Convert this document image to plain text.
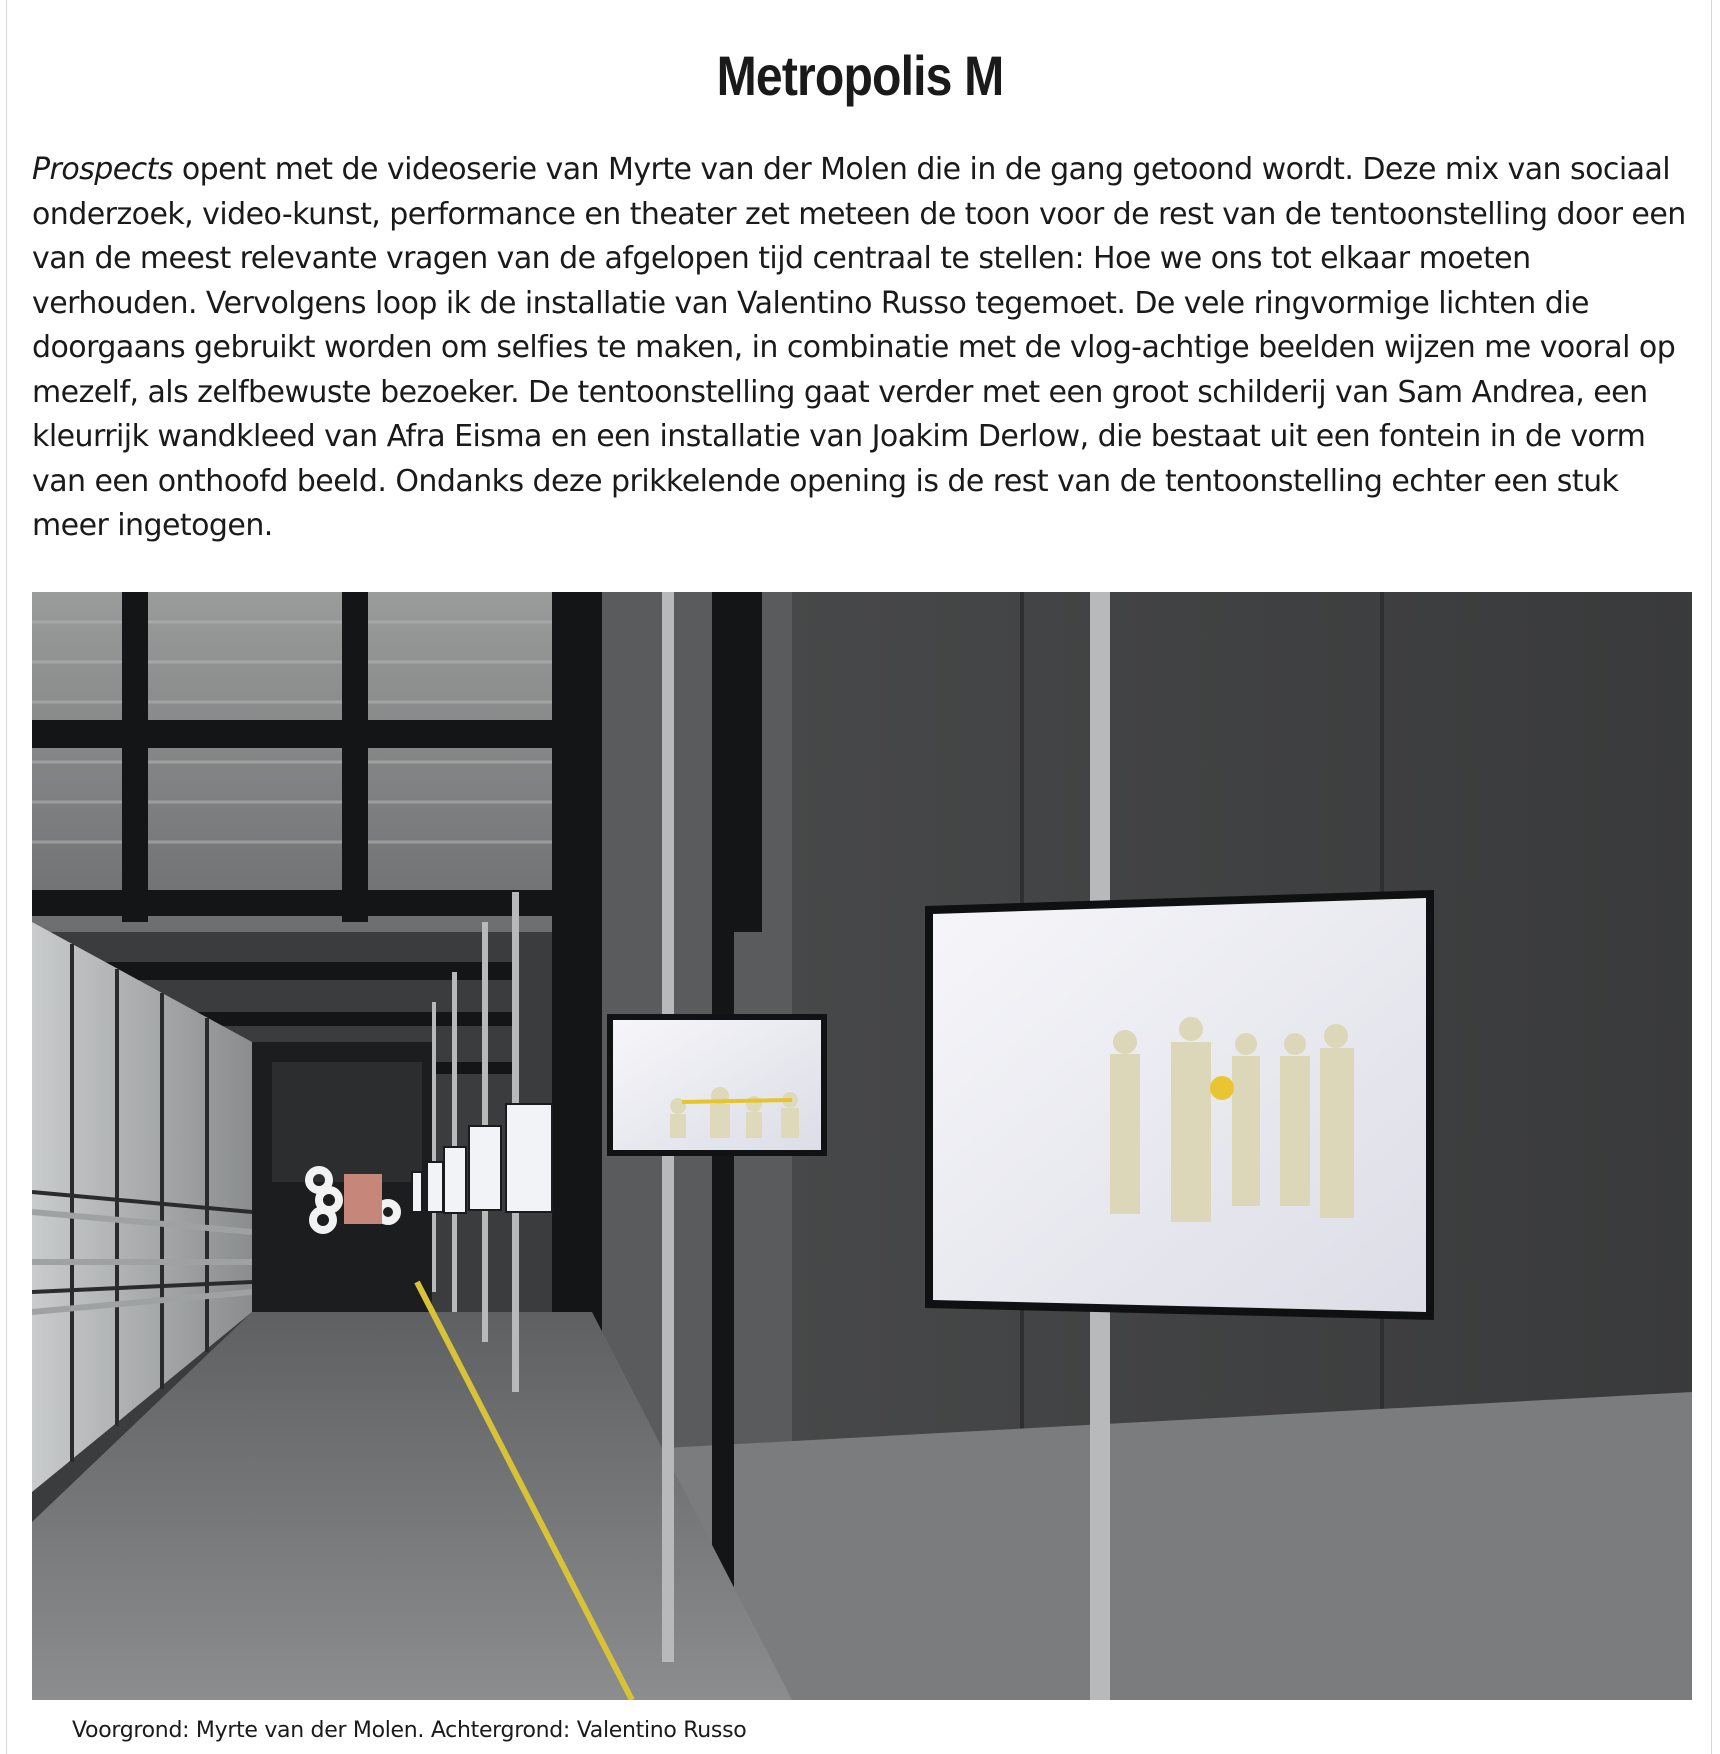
Metropolis M
Prospects opent met de videoserie van Myrte van der Molen die in de gang getoond wordt. Deze mix van sociaal onderzoek, video-kunst, performance en theater zet meteen de toon voor de rest van de tentoonstelling door een van de meest relevante vragen van de afgelopen tijd centraal te stellen: Hoe we ons tot elkaar moeten verhouden. Vervolgens loop ik de installatie van Valentino Russo tegemoet. De vele ringvormige lichten die doorgaans gebruikt worden om selfies te maken, in combinatie met de vlog-achtige beelden wijzen me vooral op mezelf, als zelfbewuste bezoeker. De tentoonstelling gaat verder met een groot schilderij van Sam Andrea, een kleurrijk wandkleed van Afra Eisma en een installatie van Joakim Derlow, die bestaat uit een fontein in de vorm van een onthoofd beeld. Ondanks deze prikkelende opening is de rest van de tentoonstelling echter een stuk meer ingetogen.
Voorgrond: Myrte van der Molen. Achtergrond: Valentino Russo
